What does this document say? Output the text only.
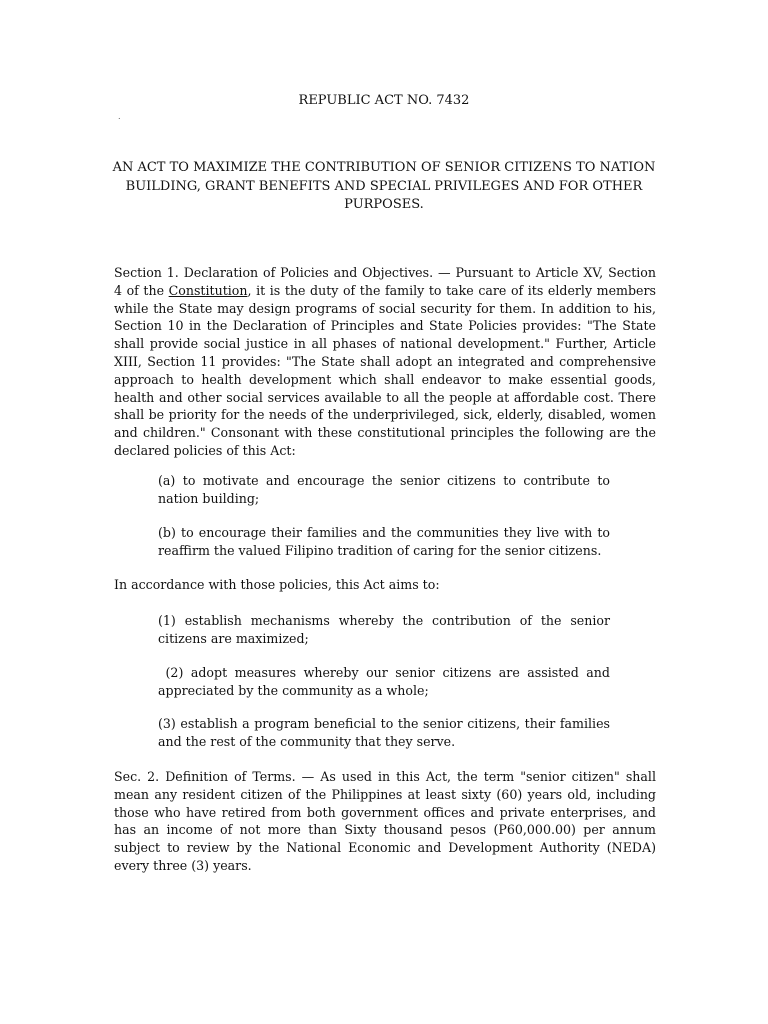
REPUBLIC ACT NO. 7432
.
AN ACT TO MAXIMIZE THE CONTRIBUTION OF SENIOR CITIZENS TO NATION BUILDING, GRANT BENEFITS AND SPECIAL PRIVILEGES AND FOR OTHER PURPOSES.

Section 1. Declaration of Policies and Objectives. — Pursuant to Article XV, Section 4 of the Constitution, it is the duty of the family to take care of its elderly members while the State may design programs of social security for them. In addition to his, Section 10 in the Declaration of Principles and State Policies provides: "The State shall provide social justice in all phases of national development." Further, Article XIII, Section 11 provides: "The State shall adopt an integrated and comprehensive approach to health development which shall endeavor to make essential goods, health and other social services available to all the people at affordable cost. There shall be priority for the needs of the underprivileged, sick, elderly, disabled, women and children." Consonant with these constitutional principles the following are the declared policies of this Act:

(a) to motivate and encourage the senior citizens to contribute to nation building;

(b) to encourage their families and the communities they live with to reaffirm the valued Filipino tradition of caring for the senior citizens.

In accordance with those policies, this Act aims to:

(1) establish mechanisms whereby the contribution of the senior citizens are maximized;

(2) adopt measures whereby our senior citizens are assisted and appreciated by the community as a whole;

(3) establish a program beneficial to the senior citizens, their families and the rest of the community that they serve.

Sec. 2. Definition of Terms. — As used in this Act, the term "senior citizen" shall mean any resident citizen of the Philippines at least sixty (60) years old, including those who have retired from both government offices and private enterprises, and has an income of not more than Sixty thousand pesos (P60,000.00) per annum subject to review by the National Economic and Development Authority (NEDA) every three (3) years.
